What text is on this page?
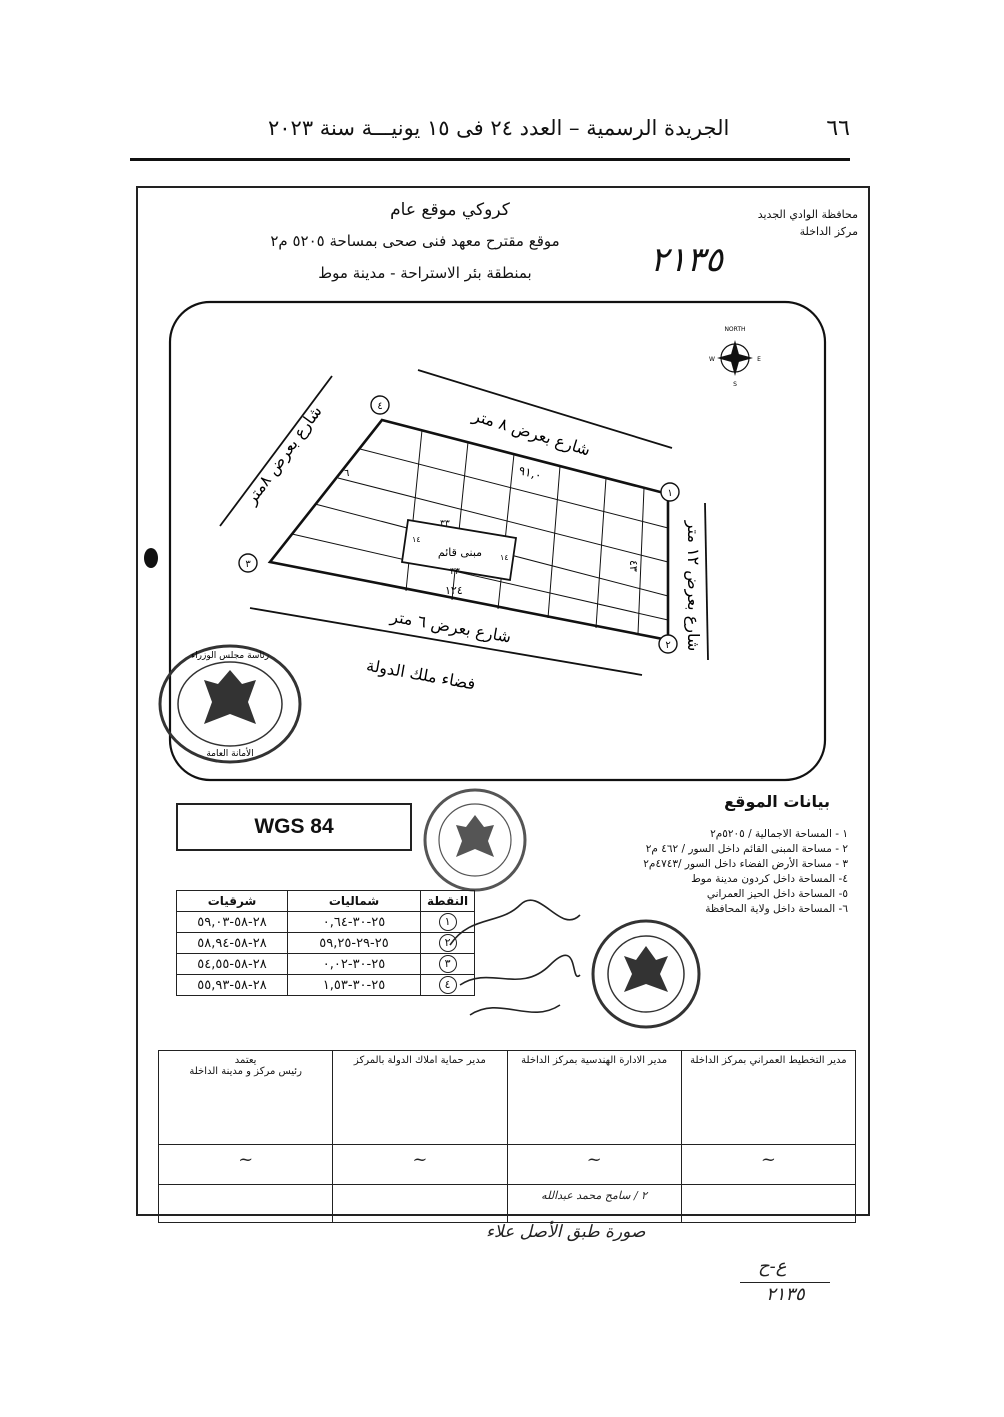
٦٦
الجريدة الرسمية – العدد ٢٤ فى ١٥ يونيـــة سنة ٢٠٢٣
محافظة الوادي الجديد
مركز الداخلة
كروكي موقع عام
موقع مقترح معهد فنى صحى بمساحة ٥٢٠٥ م٢
بمنطقة بئر الاستراحة - مدينة موط	٢١٣٥
مبنى قائم
٣٣
٣٣
١٤
١٤
٩١,٠
١٢٤
٤٣
٦
شارع بعرض ٨ متر
شارع بعرض ٨متر
شارع بعرض ٦ متر
شارع بعرض ١٢ متر
فضاء ملك الدولة
١
٢
٣
٤
NORTH
W	E
S
رئاسة مجلس الوزراء
الأمانة العامة
WGS 84
بيانات الموقع
١ - المساحة الاجمالية / ٥٢٠٥م٢
٢ - مساحة المبنى القائم داخل السور / ٤٦٢ م٢
٣ - مساحة الأرض الفضاء داخل السور /٤٧٤٣م٢
٤- المساحة داخل كردون مدينة موط
٥- المساحة داخل الحيز العمراني
٦- المساحة داخل ولاية المحافظة
النقطة	شماليات	شرقيات
١	٢٥-٣٠-٠,٦٤	٢٨-٥٨-٥٩,٠٣
٢	٢٥-٢٩-٥٩,٢٥	٢٨-٥٨-٥٨,٩٤
٣	٢٥-٣٠-٠,٠٢	٢٨-٥٨-٥٤,٥٥
٤	٢٥-٣٠-١,٥٣	٢٨-٥٨-٥٥,٩٣
مدير التخطيط العمراني بمركز الداخلة	مدير الادارة الهندسية بمركز الداخلة	مدير حماية املاك الدولة بالمركز	يعتمد
رئيس مركز و مدينة الداخلة

~	~	~	~
	٢ / سامح محمد عبدالله		
صورة طبق الأصل علاء
ع-ح
٢١٣٥
